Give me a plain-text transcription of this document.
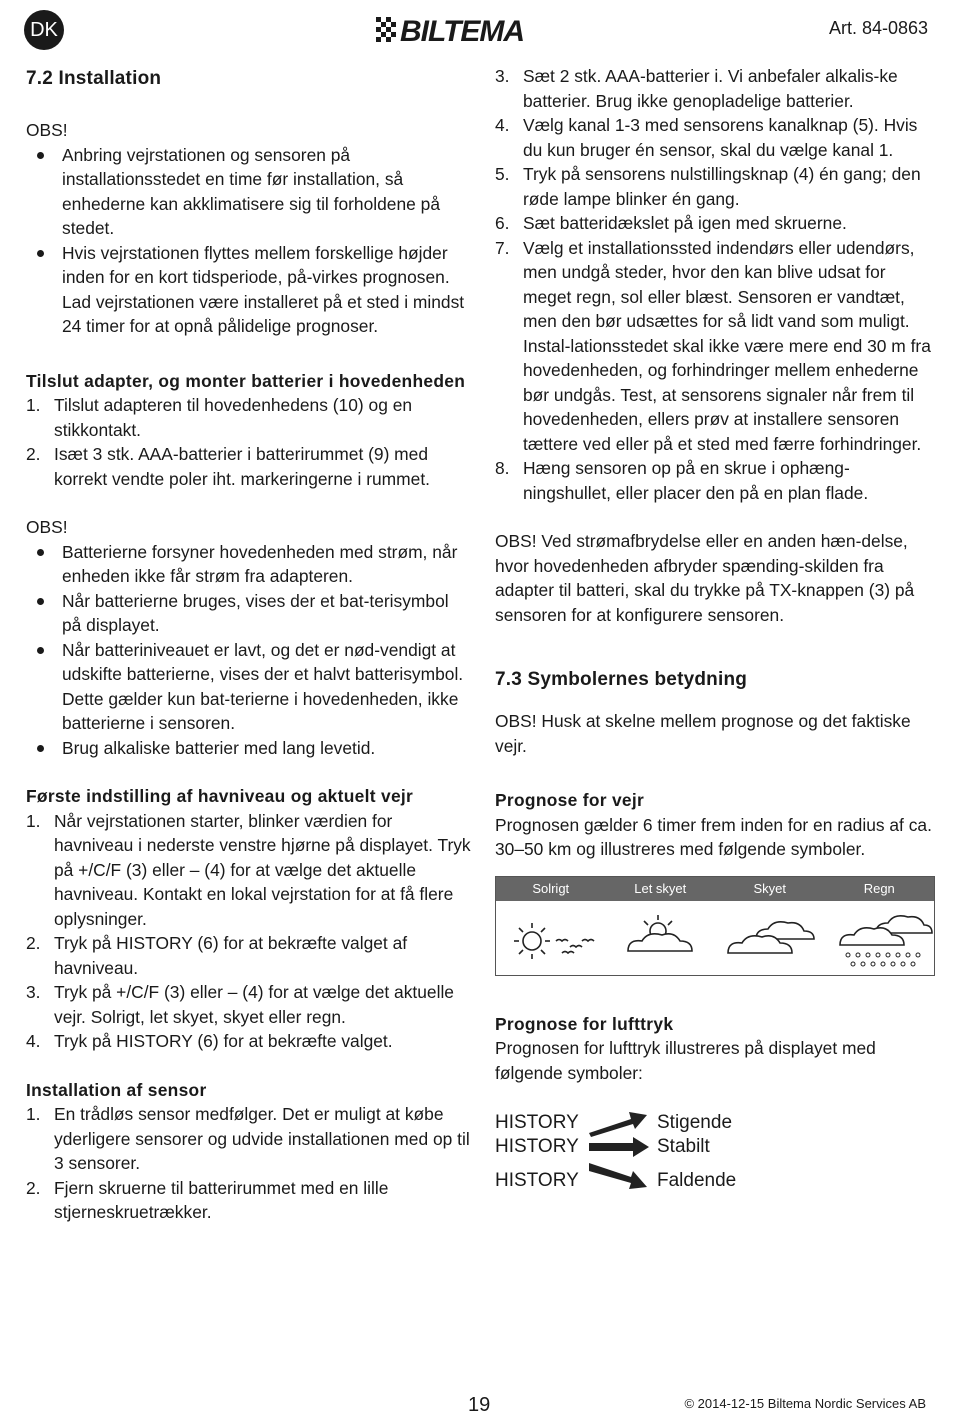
DK	BILTEMA	Art. 84-0863
7.2 Installation

OBS!

Anbring vejrstationen og sensoren på installationsstedet en time før installation, så enhederne kan akklimatisere sig til forholdene på stedet.
Hvis vejrstationen flyttes mellem forskellige højder inden for en kort tidsperiode, på-virkes prognosen. Lad vejrstationen være installeret på et sted i mindst 24 timer for at opnå pålidelige prognoser.
Tilslut adapter, og monter batterier i hovedenheden
1. Tilslut adapteren til hovedenhedens (10) og en stikkontakt.
2. Isæt 3 stk. AAA-batterier i batterirummet (9) med korrekt vendte poler iht. markeringerne i rummet.

OBS!

Batterierne forsyner hovedenheden med strøm, når enheden ikke får strøm fra adapteren.
Når batterierne bruges, vises der et bat-terisymbol på displayet.
Når batteriniveauet er lavt, og det er nød-vendigt at udskifte batterierne, vises der et halvt batterisymbol. Dette gælder kun bat-terierne i hovedenheden, ikke batterierne i sensoren.
Brug alkaliske batterier med lang levetid.
Første indstilling af havniveau og aktuelt vejr
1. Når vejrstationen starter, blinker værdien for havniveau i nederste venstre hjørne på displayet. Tryk på +/C/F (3) eller – (4) for at vælge det aktuelle havniveau. Kontakt en lokal vejrstation for at få flere oplysninger.
2. Tryk på HISTORY (6) for at bekræfte valget af havniveau.
3. Tryk på +/C/F (3) eller – (4) for at vælge det aktuelle vejr. Solrigt, let skyet, skyet eller regn.
4. Tryk på HISTORY (6) for at bekræfte valget.
Installation af sensor
1. En trådløs sensor medfølger. Det er muligt at købe yderligere sensorer og udvide installationen med op til 3 sensorer.
2. Fjern skruerne til batterirummet med en lille stjerneskruetrækker.
3. Sæt 2 stk. AAA-batterier i. Vi anbefaler alkalis-ke batterier. Brug ikke genopladelige batterier.
4. Vælg kanal 1-3 med sensorens kanalknap (5). Hvis du kun bruger én sensor, skal du vælge kanal 1.
5. Tryk på sensorens nulstillingsknap (4) én gang; den røde lampe blinker én gang.
6. Sæt batteridækslet på igen med skruerne.
7. Vælg et installationssted indendørs eller udendørs, men undgå steder, hvor den kan blive udsat for meget regn, sol eller blæst. Sensoren er vandtæt, men den bør udsættes for så lidt vand som muligt. Instal-lationsstedet skal ikke være mere end 30 m fra hovedenheden, og forhindringer mellem enhederne bør undgås. Test, at sensorens signaler når frem til hovedenheden, ellers prøv at installere sensoren tættere ved eller på et sted med færre forhindringer.
8. Hæng sensoren op på en skrue i ophæng-ningshullet, eller placer den på en plan flade.

OBS! Ved strømafbrydelse eller en anden hæn-delse, hvor hovedenheden afbryder spænding-skilden fra adapter til batteri, skal du trykke på TX-knappen (3) på sensoren for at konfigurere sensoren.

7.3 Symbolernes betydning

OBS! Husk at skelne mellem prognose og det faktiske vejr.

Prognose for vejr

Prognosen gælder 6 timer frem inden for en radius af ca. 30–50 km og illustreres med følgende symboler.

Solrigt	Let skyet	Skyet	Regn
Prognose for lufttryk

Prognosen for lufttryk illustreres på displayet med følgende symboler:

HISTORY	Stigende
HISTORY	Stabilt
HISTORY	Faldende
19	© 2014-12-15 Biltema Nordic Services AB
